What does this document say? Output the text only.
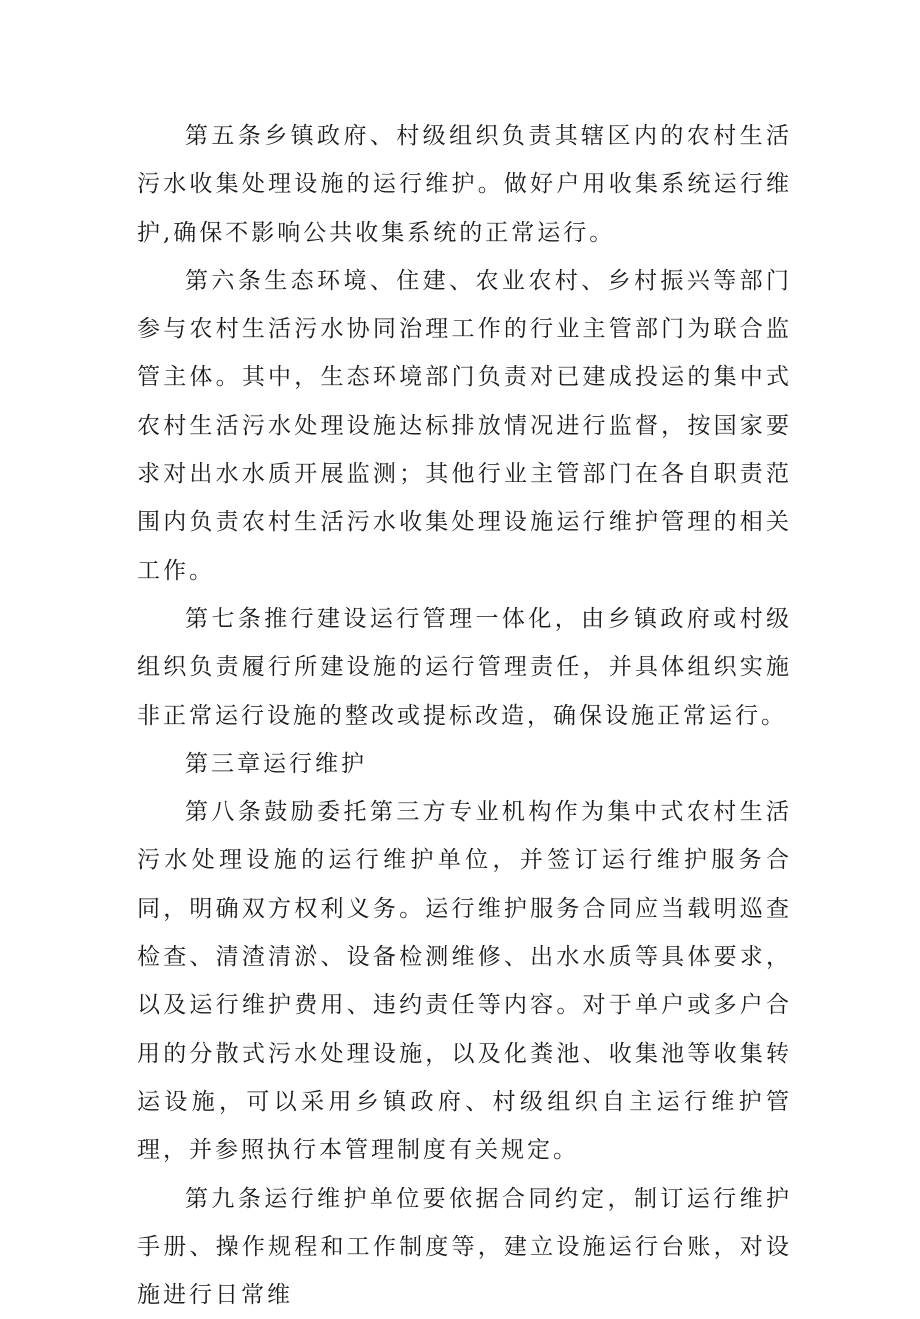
第五条乡镇政府、村级组织负责其辖区内的农村生活污水收集处理设施的运行维护。做好户用收集系统运行维护,确保不影响公共收集系统的正常运行。

第六条生态环境、住建、农业农村、乡村振兴等部门参与农村生活污水协同治理工作的行业主管部门为联合监管主体。其中，生态环境部门负责对已建成投运的集中式农村生活污水处理设施达标排放情况进行监督，按国家要求对出水水质开展监测；其他行业主管部门在各自职责范围内负责农村生活污水收集处理设施运行维护管理的相关工作。

第七条推行建设运行管理一体化，由乡镇政府或村级组织负责履行所建设施的运行管理责任，并具体组织实施非正常运行设施的整改或提标改造，确保设施正常运行。

第三章运行维护

第八条鼓励委托第三方专业机构作为集中式农村生活污水处理设施的运行维护单位，并签订运行维护服务合同，明确双方权利义务。运行维护服务合同应当载明巡查检查、清渣清淤、设备检测维修、出水水质等具体要求，以及运行维护费用、违约责任等内容。对于单户或多户合用的分散式污水处理设施，以及化粪池、收集池等收集转运设施，可以采用乡镇政府、村级组织自主运行维护管理，并参照执行本管理制度有关规定。

第九条运行维护单位要依据合同约定，制订运行维护手册、操作规程和工作制度等，建立设施运行台账，对设施进行日常维
